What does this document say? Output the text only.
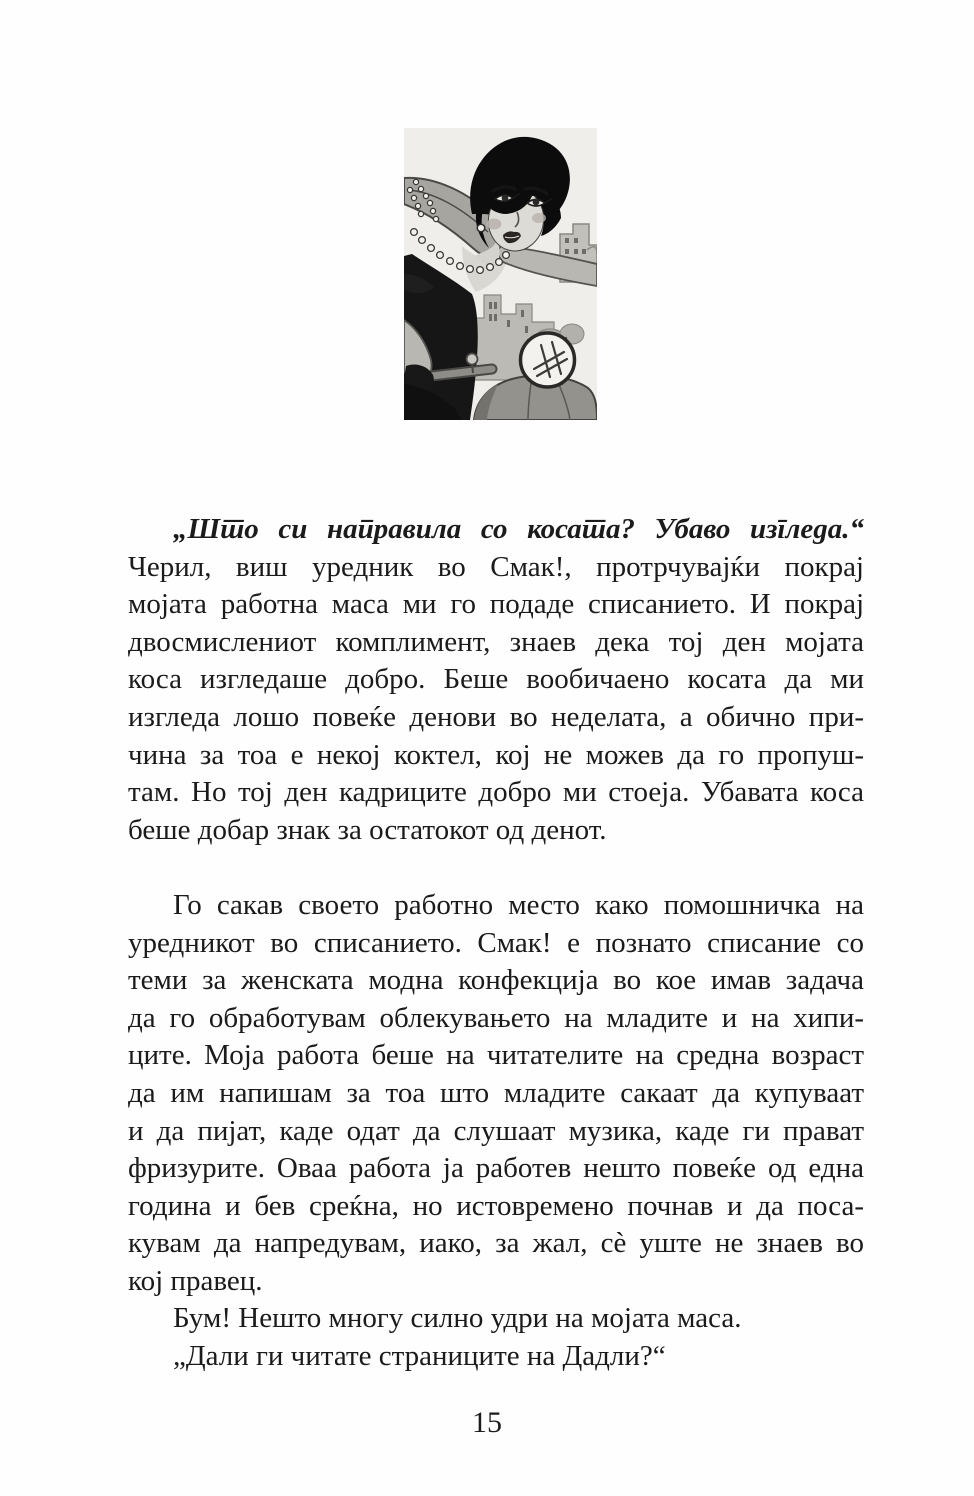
„Што си направила со косата? Убаво изгледа.“
Черил, виш уредник во Смак!, протрчувајќи покрај
мојата работна маса ми го подаде списанието. И покрај
двосмислениот комплимент, знаев дека тој ден мојата
коса изгледаше добро. Беше вообичаено косата да ми
изгледа лошо повеќе денови во неделата, а обично при-
чина за тоа е некој коктел, кој не можев да го пропуш-
там. Но тој ден кадриците добро ми стоеја. Убавата коса
беше добар знак за остатокот од денот.
Го сакав своето работно место како помошничка на
уредникот во списанието. Смак! е познато списание со
теми за женската модна конфекција во кое имав задача
да го обработувам облекувањето на младите и на хипи-
ците. Моја работа беше на читателите на средна возраст
да им напишам за тоа што младите сакаат да купуваат
и да пијат, каде одат да слушаат музика, каде ги прават
фризурите. Оваа работа ја работев нешто повеќе од една
година и бев среќна, но истовремено почнав и да поса-
кувам да напредувам, иако, за жал, сѐ уште не знаев во
кој правец.
Бум! Нешто многу силно удри на мојата маса.
„Дали ги читате страниците на Дадли?“
15
